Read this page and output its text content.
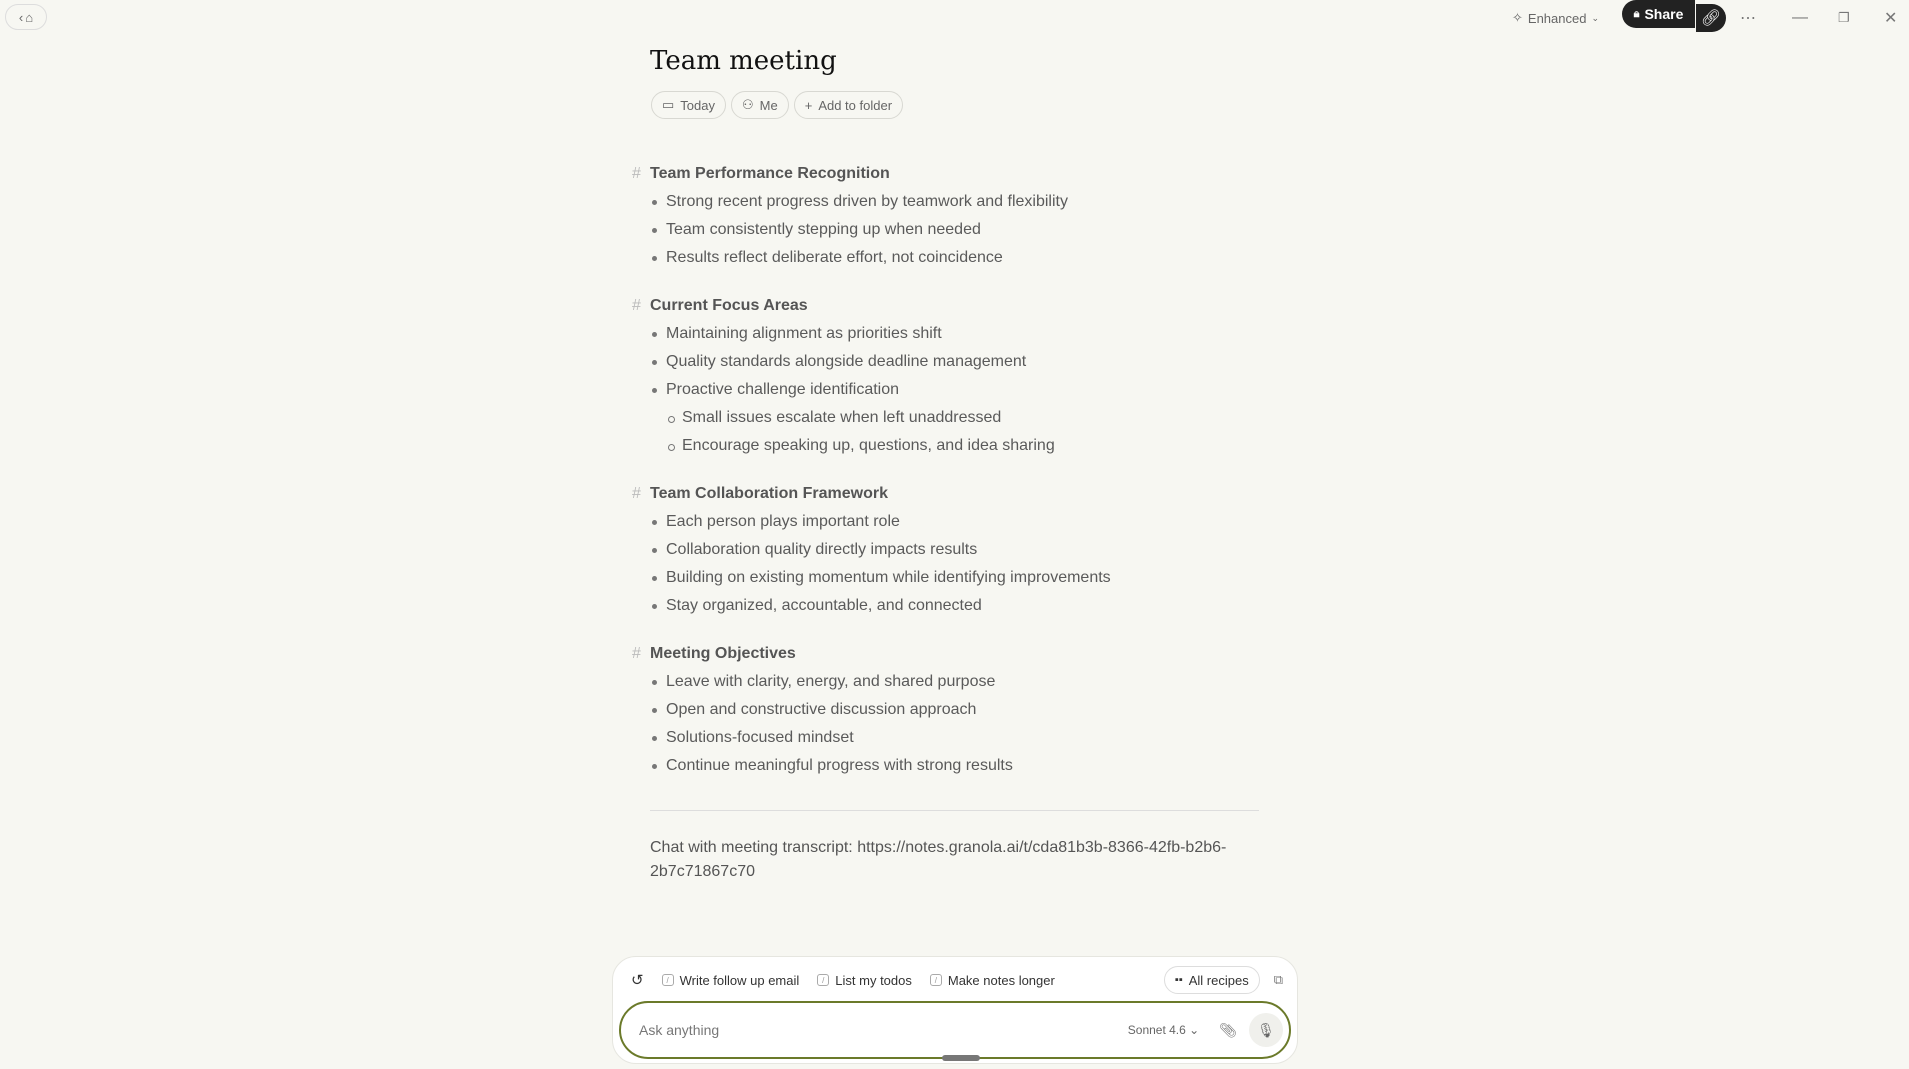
‹ ⌂	✧ Enhanced ⌄	🔒︎ Share 🔗︎ ⋯ — ❐ ✕
Team meeting
▭ Today ⚇ Me + Add to folder
# Team Performance Recognition
Strong recent progress driven by teamwork and flexibility
Team consistently stepping up when needed
Results reflect deliberate effort, not coincidence
# Current Focus Areas
Maintaining alignment as priorities shift
Quality standards alongside deadline management
Proactive challenge identification
Small issues escalate when left unaddressed
Encourage speaking up, questions, and idea sharing
# Team Collaboration Framework
Each person plays important role
Collaboration quality directly impacts results
Building on existing momentum while identifying improvements
Stay organized, accountable, and connected
# Meeting Objectives
Leave with clarity, energy, and shared purpose
Open and constructive discussion approach
Solutions-focused mindset
Continue meaningful progress with strong results
Chat with meeting transcript: https://notes.granola.ai/t/cda81b3b-8366-42fb-b2b6-2b7c71867c70
↺	/ Write follow up email	/ List my todos	/ Make notes longer	▪▪ All recipes ⧉
Ask anything	Sonnet 4.6 ⌄ 📎︎ 🎙︎
